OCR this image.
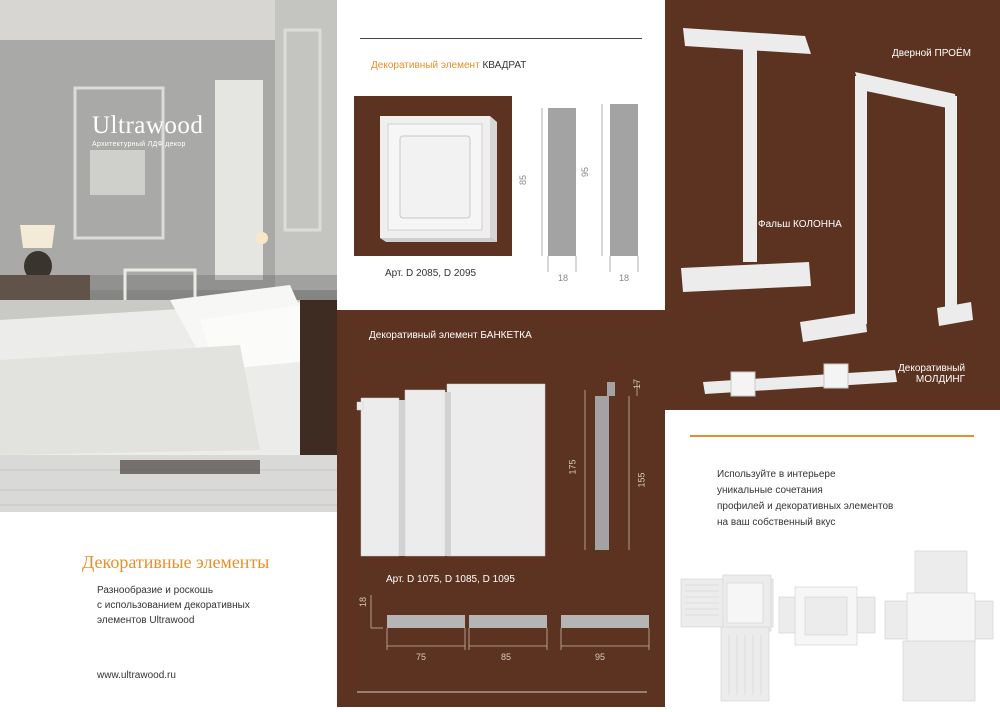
Ultrawood
Архитектурный ЛДФ декор
Декоративные элементы
Разнообразие и роскошь
с использованием декоративных
элементов Ultrawood
www.ultrawood.ru
Декоративный элемент КВАДРАТ
85
18
95
18
Арт. D 2085, D 2095
Декоративный элемент БАНКЕТКА
175
155
17
Арт. D 1075, D 1085, D 1095
18
75	85	95
Дверной ПРОЁМ
Фальш КОЛОННА
Декоративный
МОЛДИНГ
Используйте в интерьере
уникальные сочетания
профилей и декоративных элементов
на ваш собственный вкус
